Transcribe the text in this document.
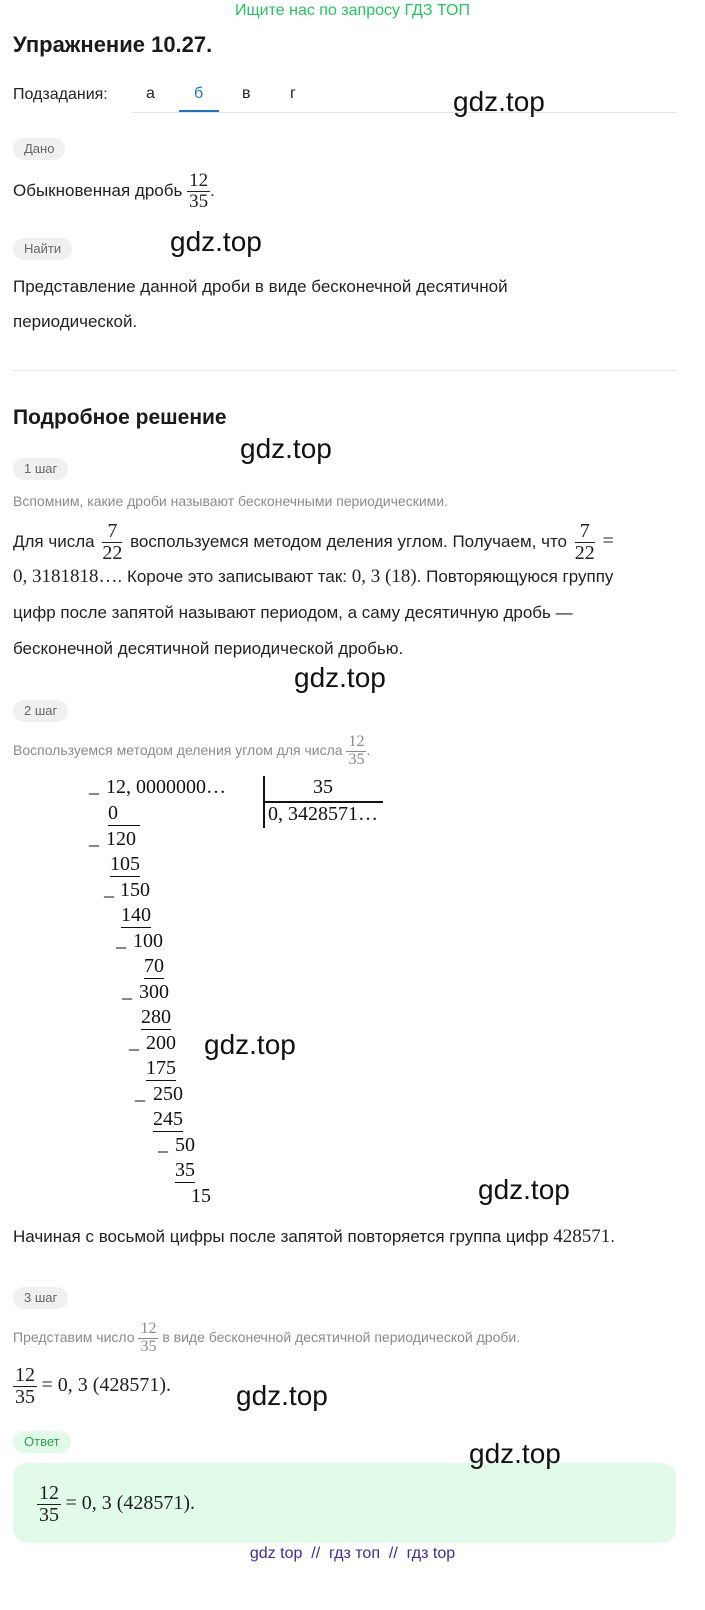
Ищите нас по запросу ГДЗ ТОП
Упражнение 10.27.
Подзадания: а б в г
Дано
Обыкновенная дробь $\frac{12}{35}$ .
Найти
Представление данной дроби в виде бесконечной десятичной
периодической.
Подробное решение
1 шаг
Вспомним, какие дроби называют бесконечными периодическими.
Для числа $\frac{7}{22}$ воспользуемся методом деления углом. Получаем, что $\frac{7}{22}$ =
0, 3181818…. Короче это записывают так: 0, 3 (18). Повторяющуюся группу
цифр после запятой называют периодом, а саму десятичную дробь —
бесконечной десятичной периодической дробью.
2 шаг
Воспользуемся методом деления углом для числа $\frac{12}{35}$ .
_ 12, 0000000…	35
0, 3428571…
0
_ 120
105
_ 150
140
_ 100
70
_ 300
280
_ 200
175
_ 250
245
_ 50
35
15
Начиная с восьмой цифры после запятой повторяется группа цифр 428571.
3 шаг
Представим число $\frac{12}{35}$ в виде бесконечной десятичной периодической дроби.
$\frac{12}{35} = 0$, 3 (428571).
Ответ
$\frac{12}{35} = 0$, 3 (428571).
gdz top  //  гдз топ  //  гдз top
gdz.top
gdz.top
gdz.top
gdz.top
gdz.top
gdz.top
gdz.top
gdz.top
